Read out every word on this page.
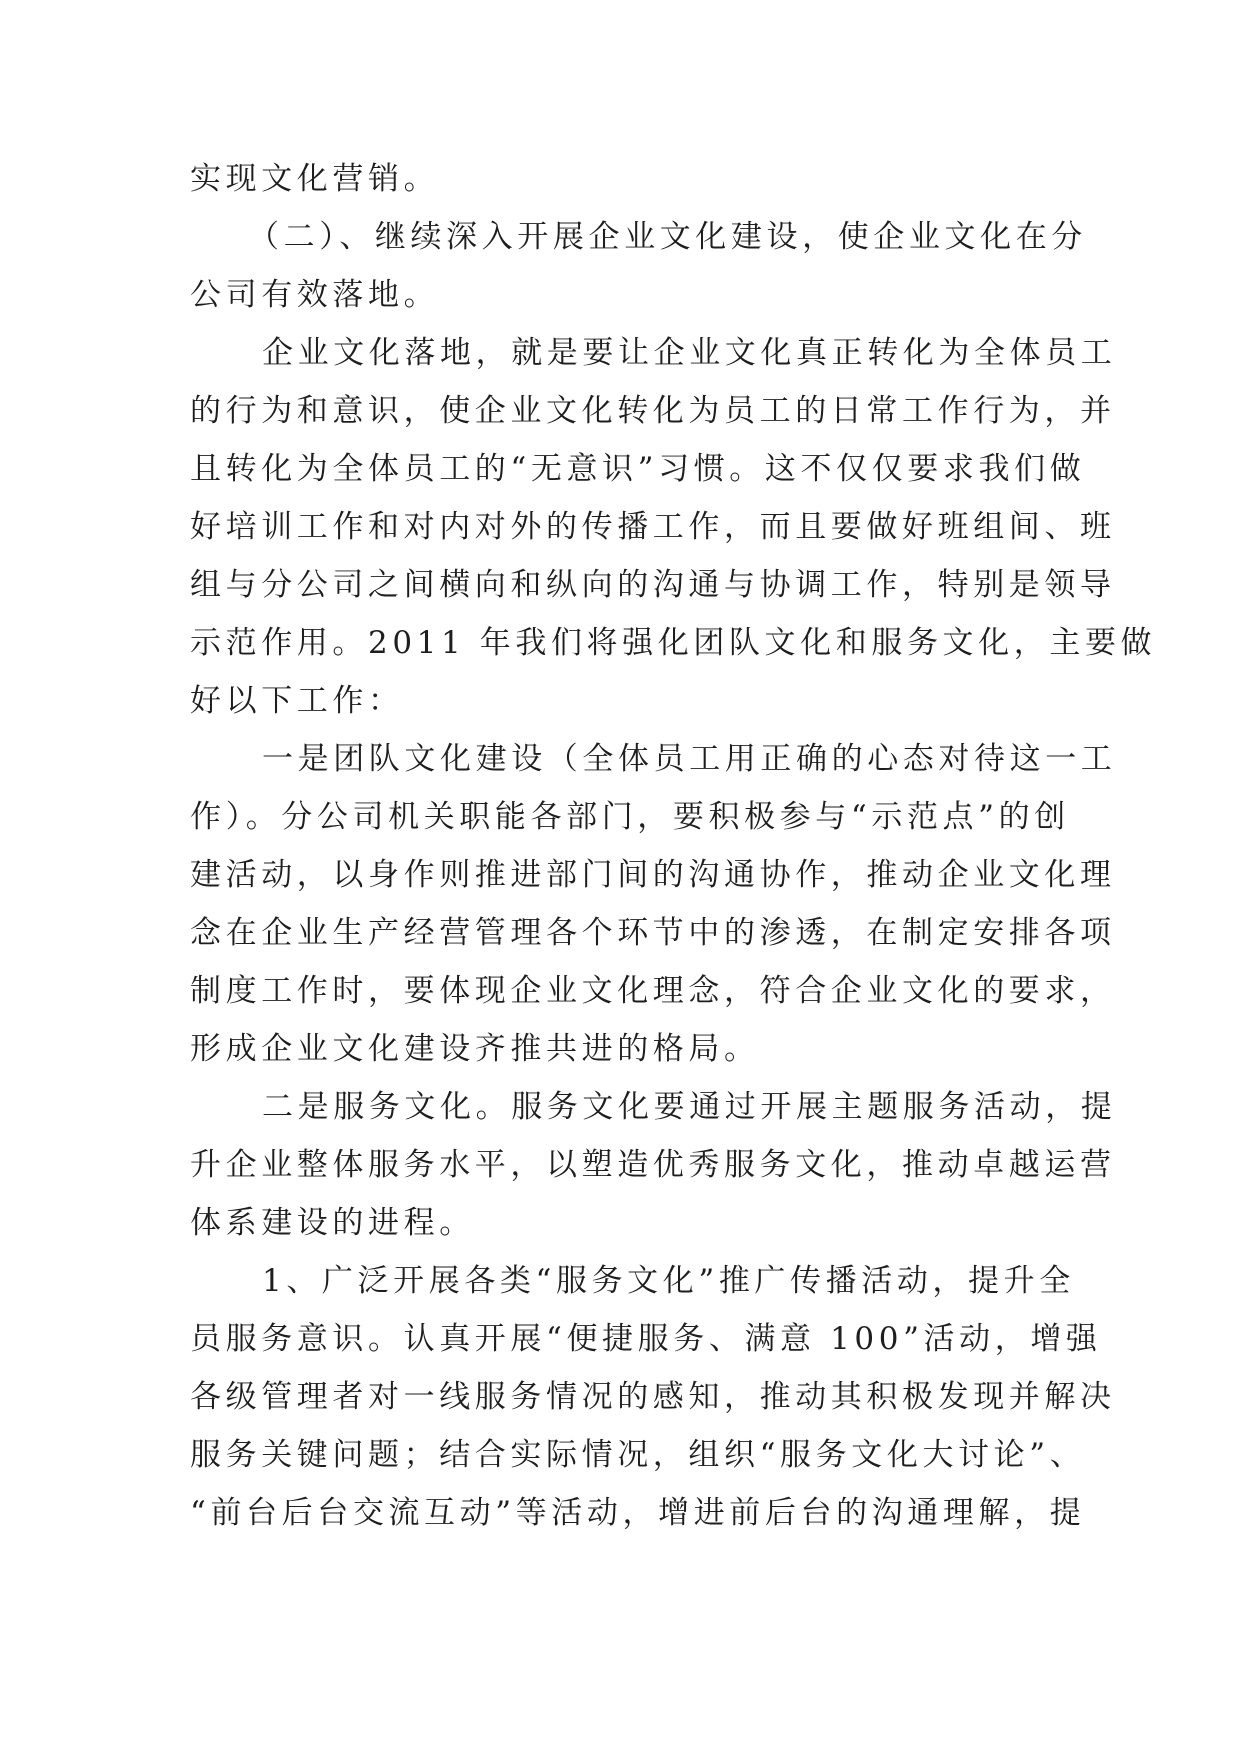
实现文化营销。
（二）、继续深入开展企业文化建设，使企业文化在分
公司有效落地。
企业文化落地，就是要让企业文化真正转化为全体员工
的行为和意识，使企业文化转化为员工的日常工作行为，并
且转化为全体员工的“无意识”习惯。这不仅仅要求我们做
好培训工作和对内对外的传播工作，而且要做好班组间、班
组与分公司之间横向和纵向的沟通与协调工作，特别是领导
示范作用。2011 年我们将强化团队文化和服务文化，主要做
好以下工作：
一是团队文化建设（全体员工用正确的心态对待这一工
作）。分公司机关职能各部门，要积极参与“示范点”的创
建活动，以身作则推进部门间的沟通协作，推动企业文化理
念在企业生产经营管理各个环节中的渗透，在制定安排各项
制度工作时，要体现企业文化理念，符合企业文化的要求，
形成企业文化建设齐推共进的格局。
二是服务文化。服务文化要通过开展主题服务活动，提
升企业整体服务水平，以塑造优秀服务文化，推动卓越运营
体系建设的进程。
1、广泛开展各类“服务文化”推广传播活动，提升全
员服务意识。认真开展“便捷服务、满意 100”活动，增强
各级管理者对一线服务情况的感知，推动其积极发现并解决
服务关键问题；结合实际情况，组织“服务文化大讨论”、
“前台后台交流互动”等活动，增进前后台的沟通理解，提
